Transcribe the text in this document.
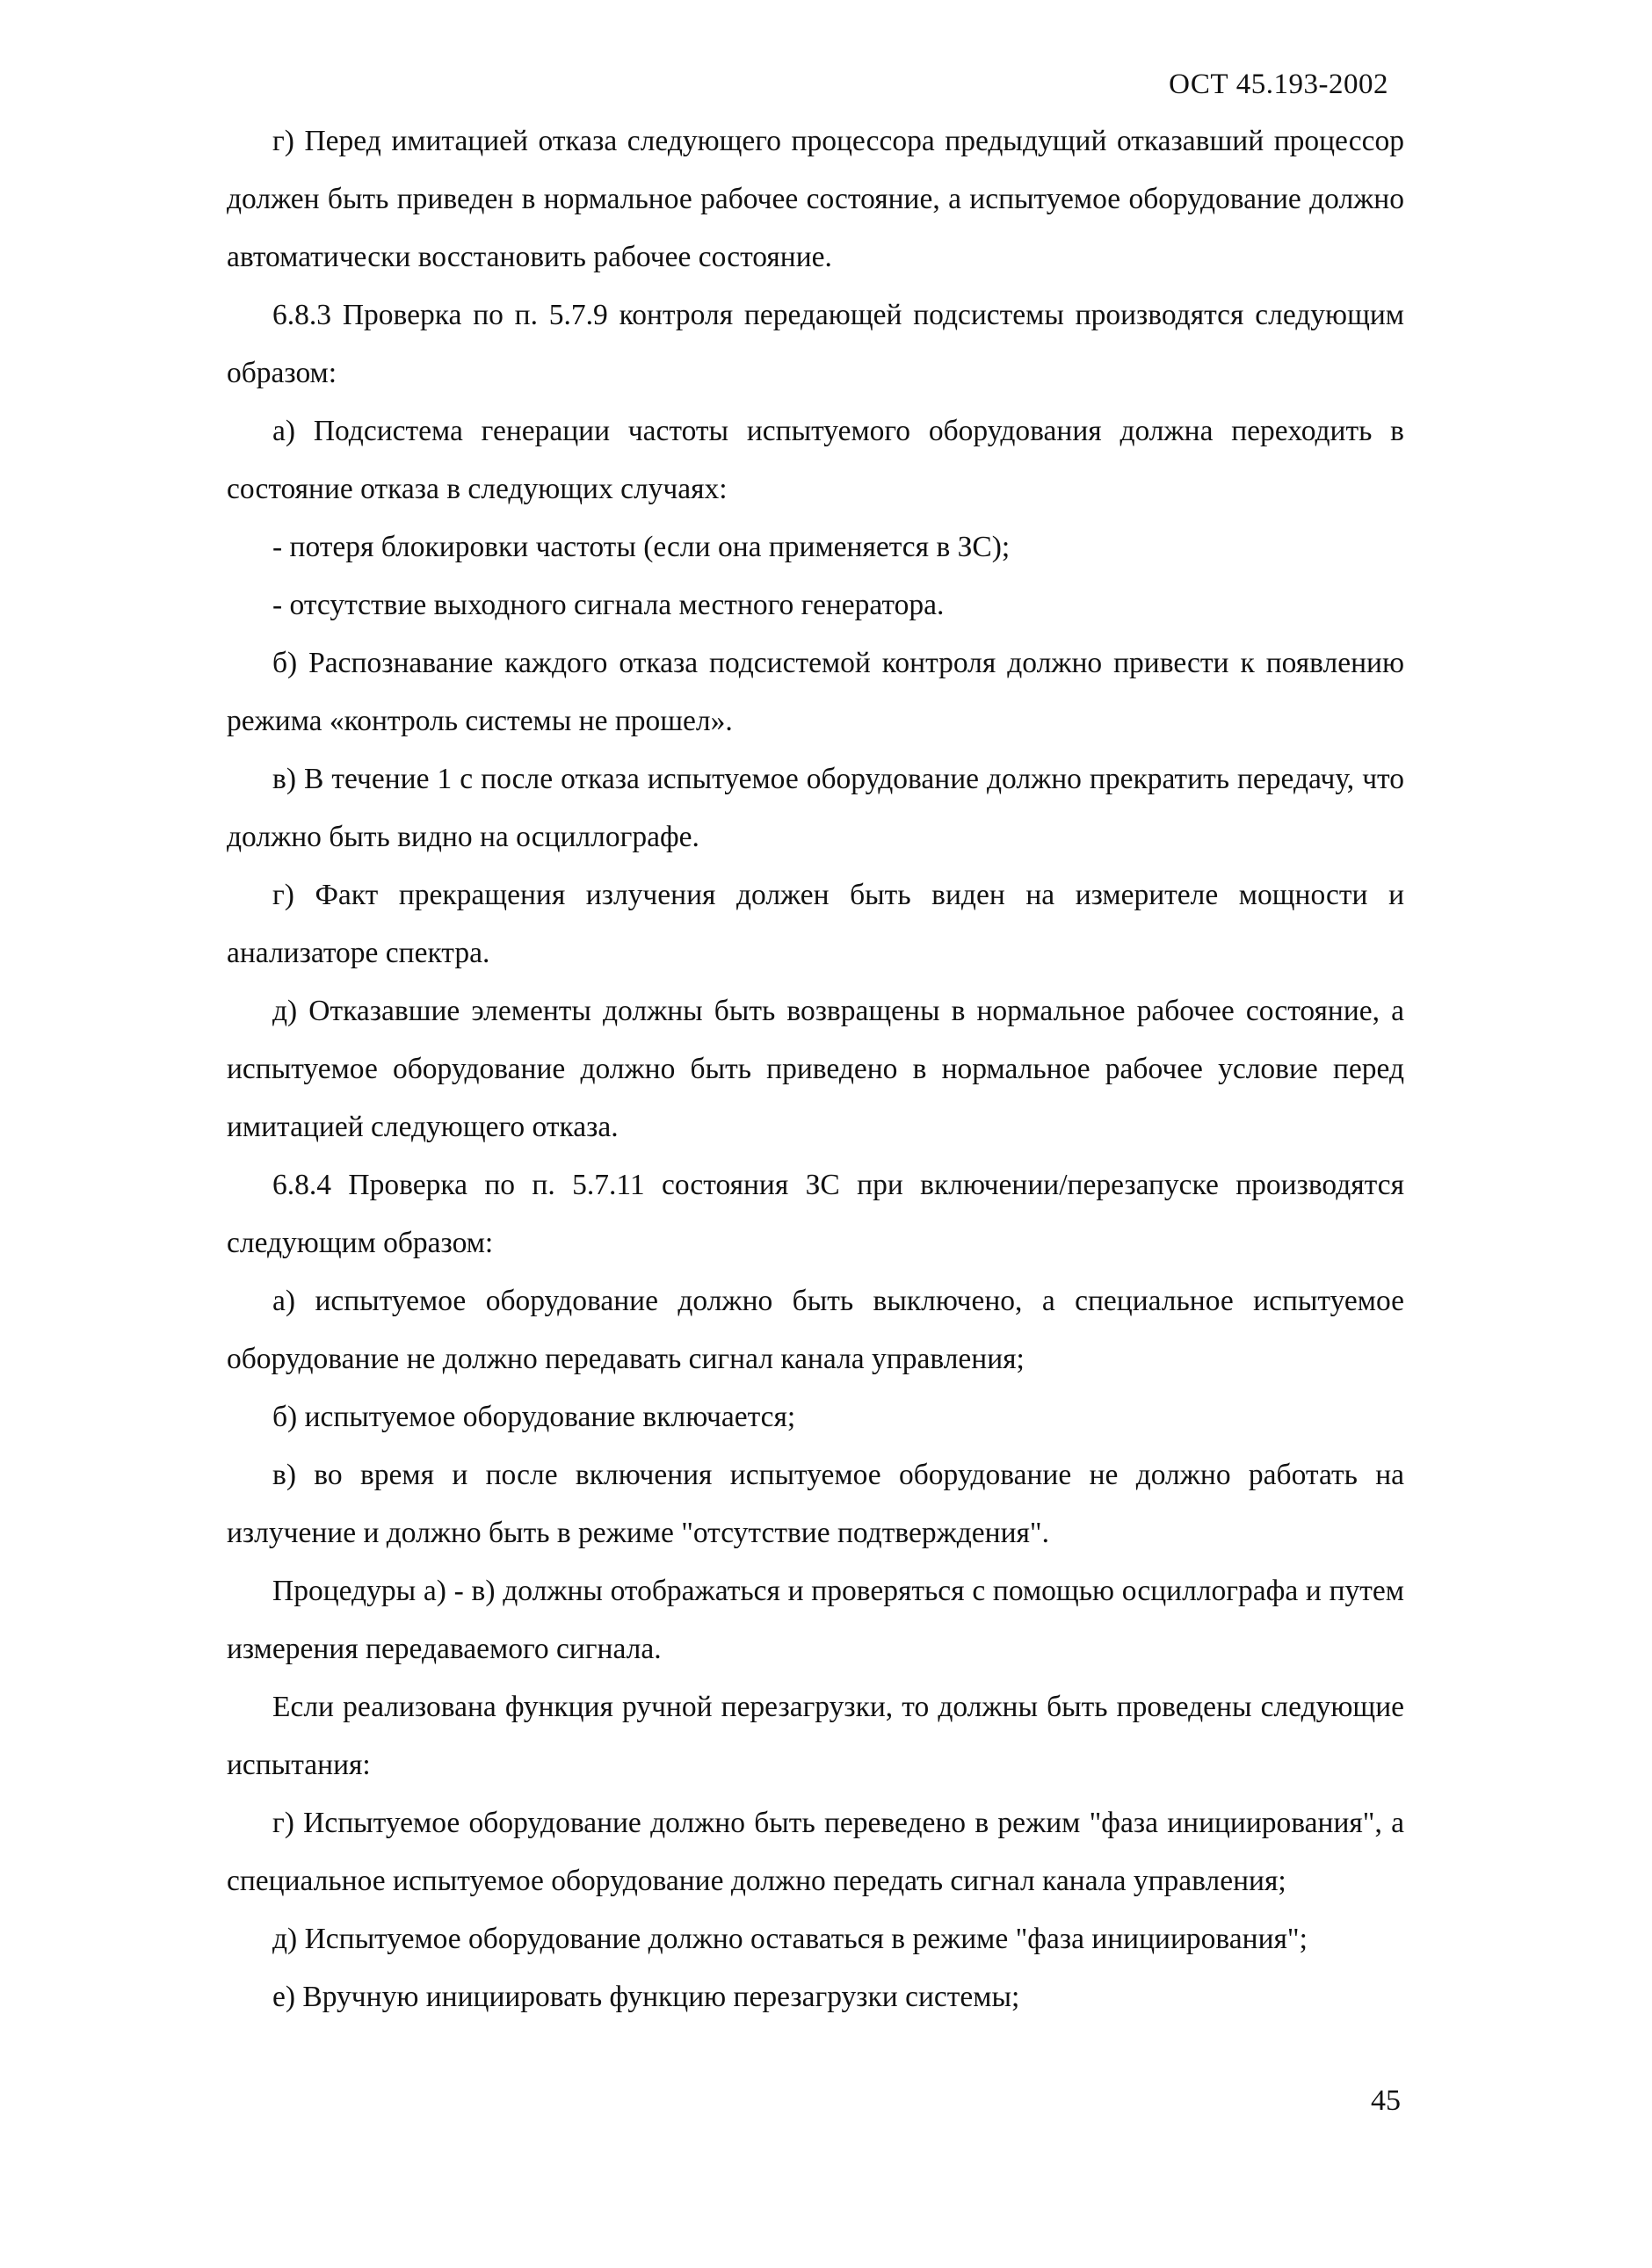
ОСТ 45.193-2002

г) Перед имитацией отказа следующего процессора предыдущий отказавший процессор должен быть приведен в нормальное рабочее состояние, а испытуемое оборудование должно автоматически восстановить рабочее состояние.

6.8.3 Проверка по п. 5.7.9 контроля передающей подсистемы производятся следующим образом:

а) Подсистема генерации частоты испытуемого оборудования должна переходить в состояние отказа в следующих случаях:

- потеря блокировки частоты (если она применяется в ЗС);

- отсутствие выходного сигнала местного генератора.

б) Распознавание каждого отказа подсистемой контроля должно привести к появлению режима «контроль системы не прошел».

в) В течение 1 с после отказа испытуемое оборудование должно прекратить передачу, что должно быть видно на осциллографе.

г) Факт прекращения излучения должен быть виден на измерителе мощности и анализаторе спектра.

д) Отказавшие элементы должны быть возвращены в нормальное рабочее состояние, а испытуемое оборудование должно быть приведено в нормальное рабочее условие перед имитацией следующего отказа.

6.8.4 Проверка по п. 5.7.11 состояния ЗС при включении/перезапуске производятся следующим образом:

а) испытуемое оборудование должно быть выключено, а специальное испытуемое оборудование не должно передавать сигнал канала управления;

б) испытуемое оборудование включается;

в) во время и после включения испытуемое оборудование не должно работать на излучение и должно быть в режиме "отсутствие подтверждения".

Процедуры а) - в) должны отображаться и проверяться с помощью осциллографа и путем измерения передаваемого сигнала.

Если реализована функция ручной перезагрузки, то должны быть проведены следующие испытания:

г) Испытуемое оборудование должно быть переведено в режим "фаза инициирования", а специальное испытуемое оборудование должно передать сигнал канала управления;

д) Испытуемое оборудование должно оставаться в режиме "фаза инициирования";

е) Вручную инициировать функцию перезагрузки системы;

45
